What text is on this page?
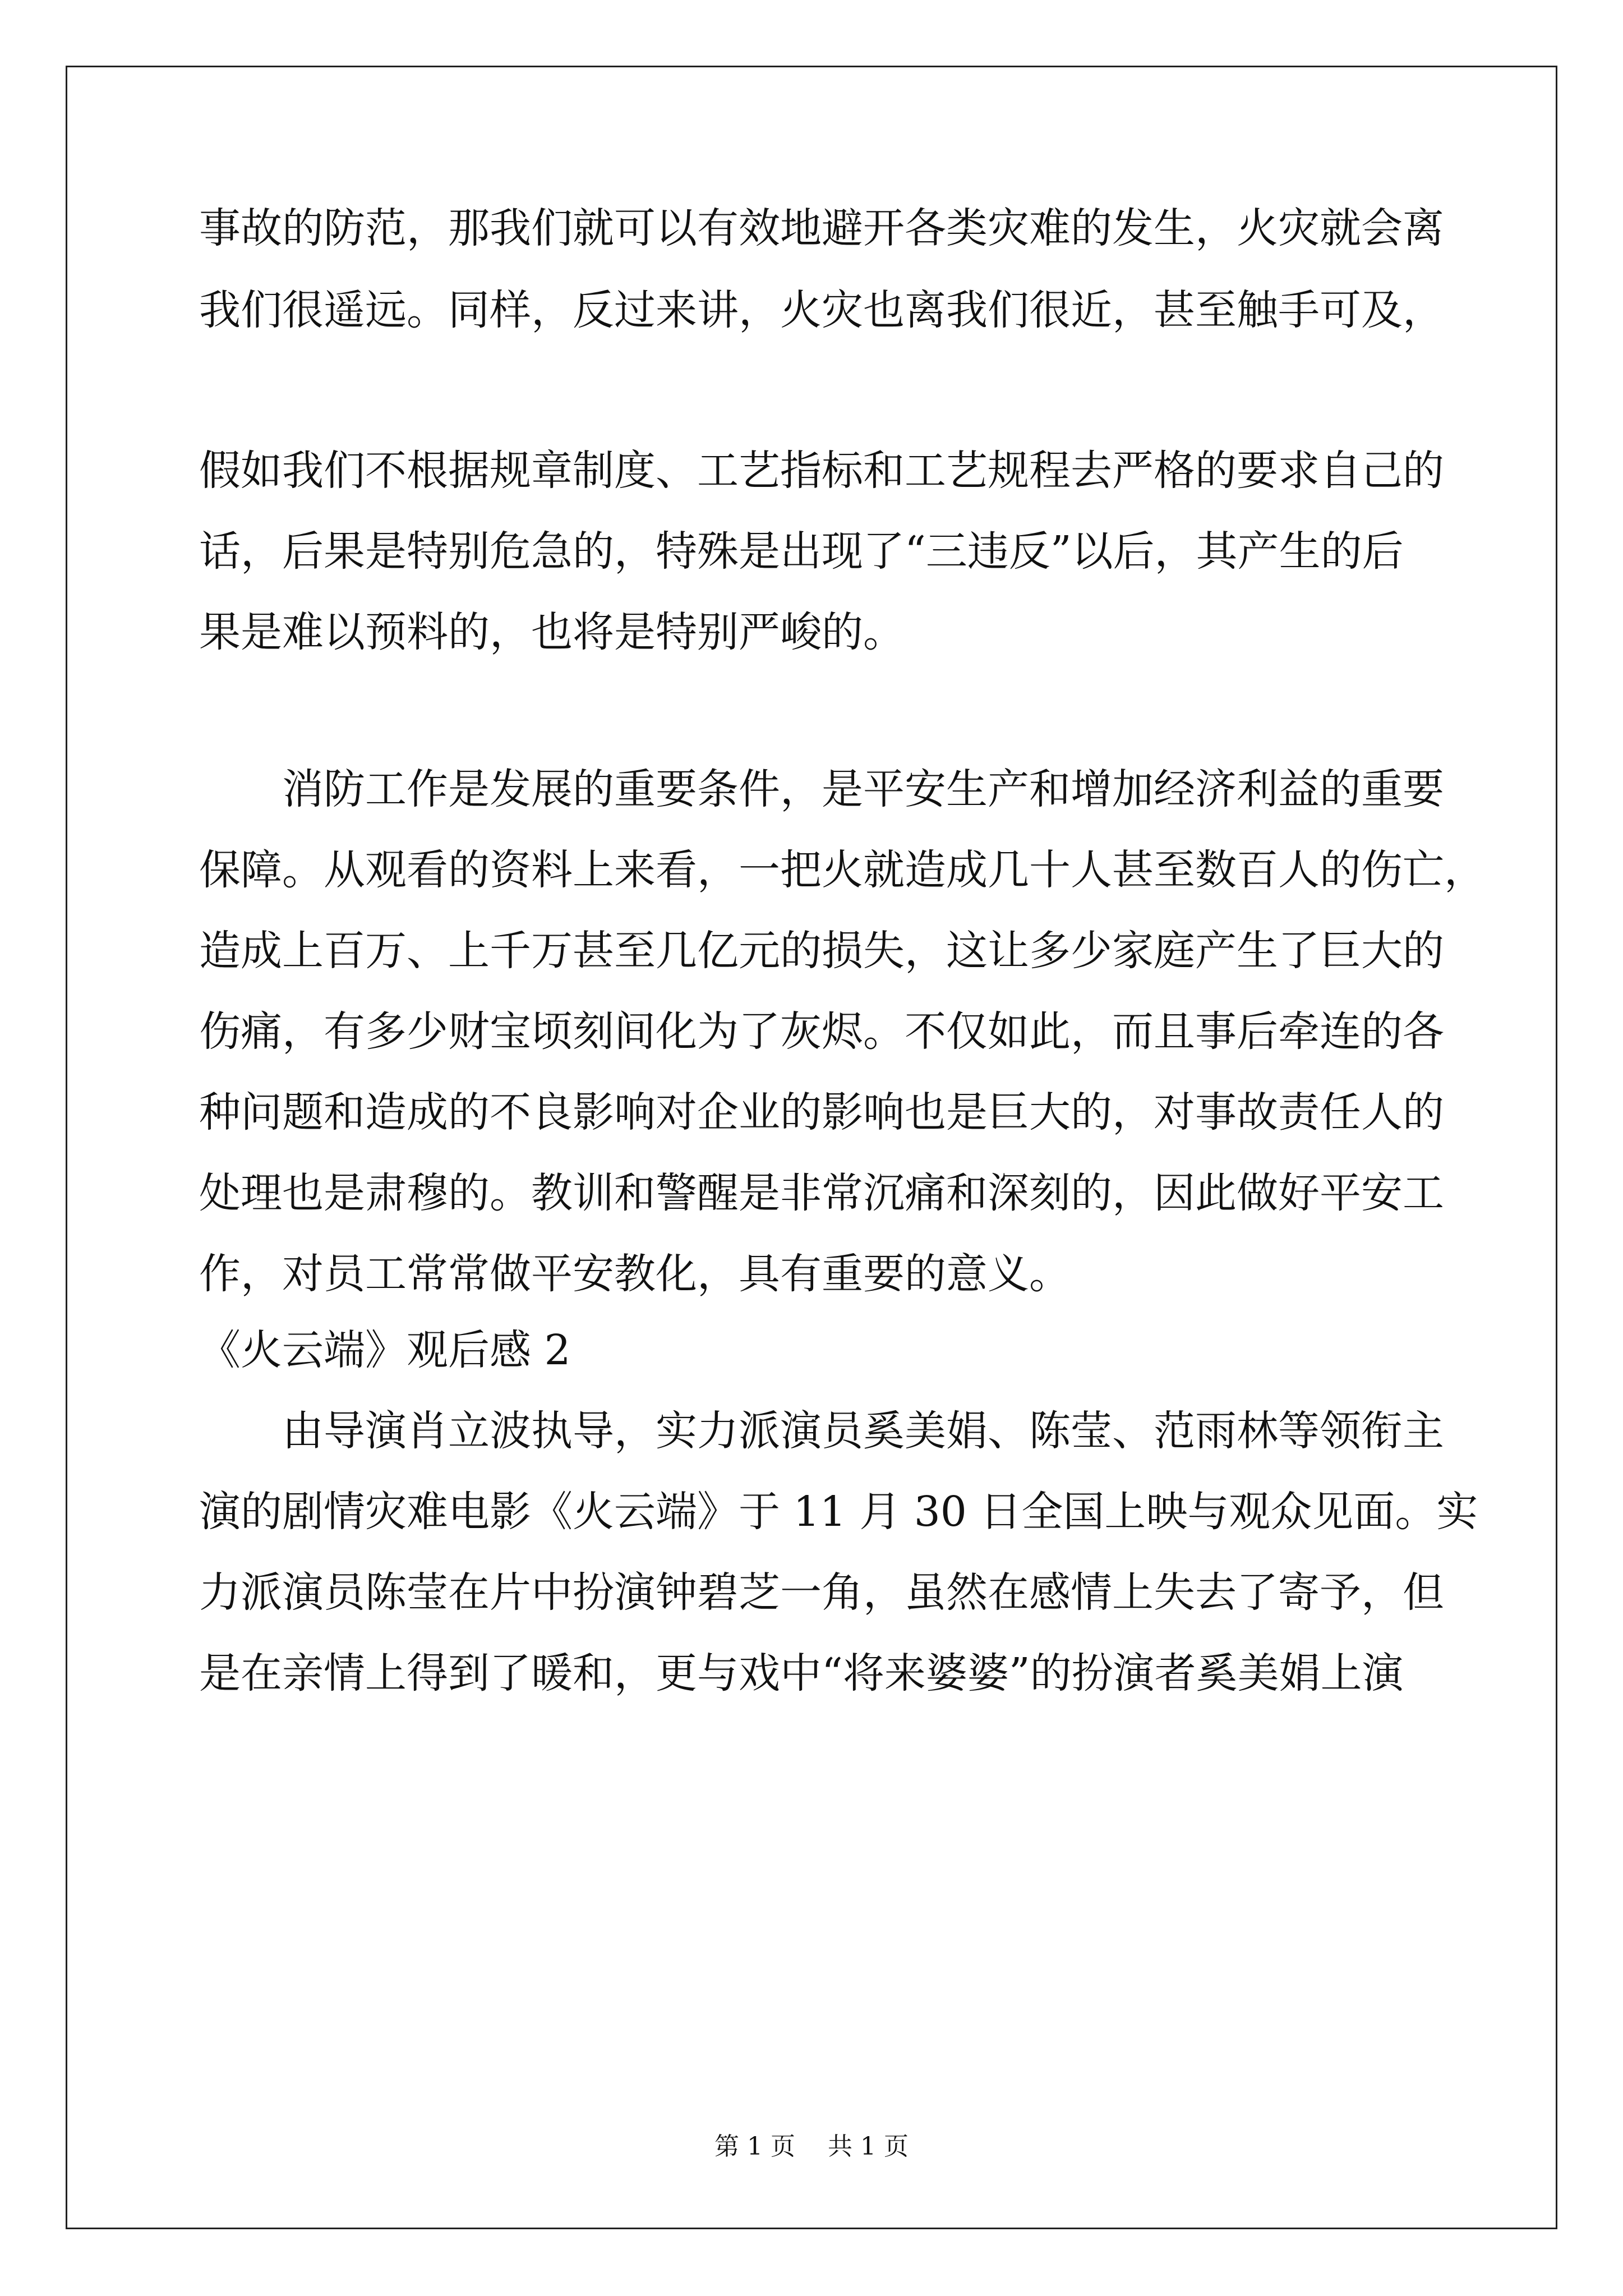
事故的防范，那我们就可以有效地避开各类灾难的发生，火灾就会离
我们很遥远。同样，反过来讲，火灾也离我们很近，甚至触手可及，
假如我们不根据规章制度、工艺指标和工艺规程去严格的要求自己的
话，后果是特别危急的，特殊是出现了“三违反”以后，其产生的后
果是难以预料的，也将是特别严峻的。
　　消防工作是发展的重要条件，是平安生产和增加经济利益的重要
保障。从观看的资料上来看，一把火就造成几十人甚至数百人的伤亡，
造成上百万、上千万甚至几亿元的损失，这让多少家庭产生了巨大的
伤痛，有多少财宝顷刻间化为了灰烬。不仅如此，而且事后牵连的各
种问题和造成的不良影响对企业的影响也是巨大的，对事故责任人的
处理也是肃穆的。教训和警醒是非常沉痛和深刻的，因此做好平安工
作，对员工常常做平安教化，具有重要的意义。
《火云端》观后感 2
　　由导演肖立波执导，实力派演员奚美娟、陈莹、范雨林等领衔主
演的剧情灾难电影《火云端》于 11 月 30 日全国上映与观众见面。实
力派演员陈莹在片中扮演钟碧芝一角，虽然在感情上失去了寄予，但
是在亲情上得到了暖和，更与戏中“将来婆婆”的扮演者奚美娟上演
第 1 页　 共 1 页
